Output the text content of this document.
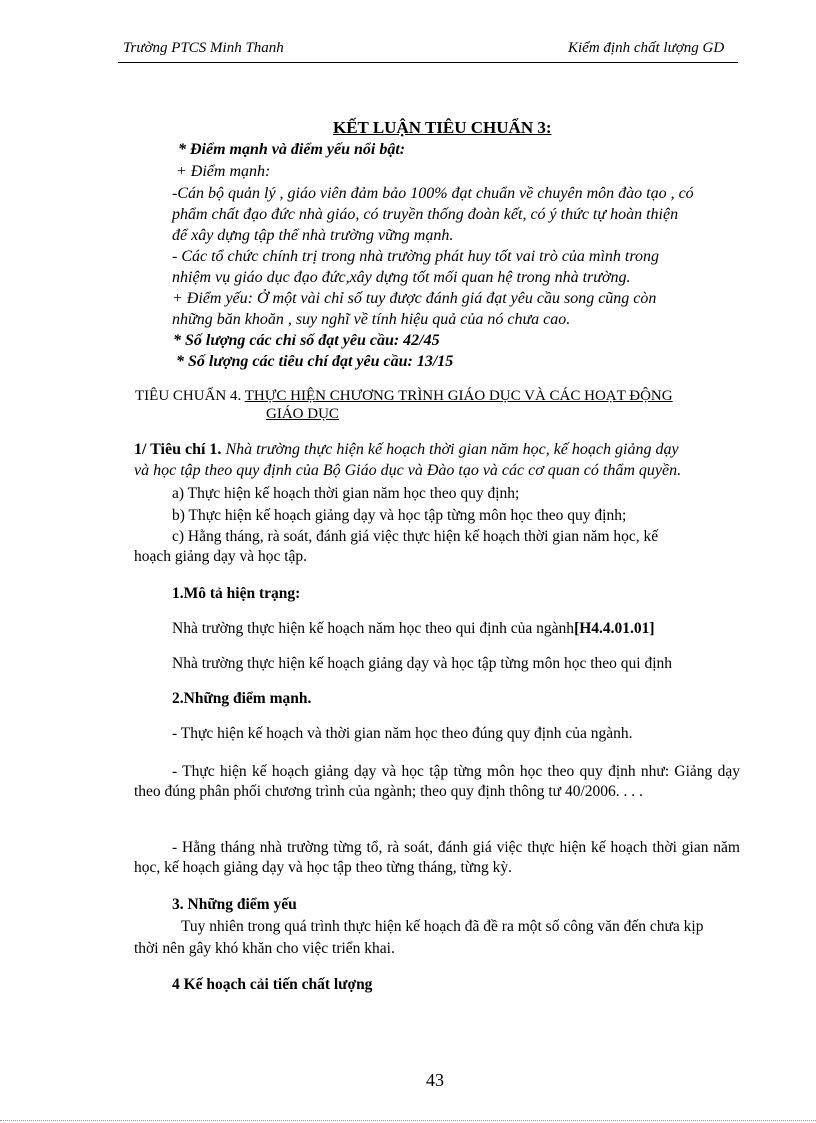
Trường PTCS Minh Thanh	Kiểm định chất lượng GD
KẾT LUẬN TIÊU CHUẨN 3:
* Điểm mạnh và điểm yếu nổi bật:
+ Điểm mạnh:
-Cán bộ quản lý , giáo viên đảm bảo 100% đạt chuẩn về chuyên môn đào tạo , có
phẩm chất đạo đức nhà giáo, có truyền thống đoàn kết, có ý thức tự hoàn thiện
để xây dựng tập thể nhà trường vững mạnh.
- Các tổ chức chính trị trong nhà trường phát huy tốt vai trò của mình trong
nhiệm vụ giáo dục đạo đức,xây dựng tốt mối quan hệ trong nhà trường.
+ Điểm yếu: Ở một vài chỉ số tuy được đánh giá đạt yêu cầu song cũng còn
những băn khoăn , suy nghĩ về tính hiệu quả của nó chưa cao.
* Số lượng các chỉ số đạt yêu cầu: 42/45
* Số lượng các tiêu chí đạt yêu cầu: 13/15
TIÊU CHUẨN 4. THỰC HIỆN CHƯƠNG TRÌNH GIÁO DỤC VÀ CÁC HOẠT ĐỘNG
GIÁO DỤC
1/ Tiêu chí 1. Nhà trường thực hiện kế hoạch thời gian năm học, kế hoạch giảng dạy
và học tập theo quy định của Bộ Giáo dục và Đào tạo và các cơ quan có thẩm quyền.
a) Thực hiện kế hoạch thời gian năm học theo quy định;
b) Thực hiện kế hoạch giảng dạy và học tập từng môn học theo quy định;
c) Hằng tháng, rà soát, đánh giá việc thực hiện kế hoạch thời gian năm học, kế
hoạch giảng dạy và học tập.
1.Mô tả hiện trạng:
Nhà trường thực hiện kế hoạch năm học theo qui định của ngành[H4.4.01.01]
Nhà trường thực hiện kế hoạch giảng dạy và học tập từng môn học theo qui định
2.Những điểm mạnh.
- Thực hiện kế hoạch và thời gian năm học theo đúng quy định của ngành.
- Thực hiện kế hoạch giảng dạy và học tập từng môn học theo quy định như: Giảng dạy theo đúng phân phối chương trình của ngành; theo quy định thông tư 40/2006. . . .
- Hằng tháng nhà trường từng tổ, rà soát, đánh giá việc thực hiện kế hoạch thời gian năm học, kế hoạch giảng dạy và học tập theo từng tháng, từng kỳ.
3. Những điểm yếu
Tuy nhiên trong quá trình thực hiện kế hoạch đã đề ra một số công văn đến chưa kịp
thời nên gây khó khăn cho việc triển khai.
4 Kế hoạch cải tiến chất lượng
43
